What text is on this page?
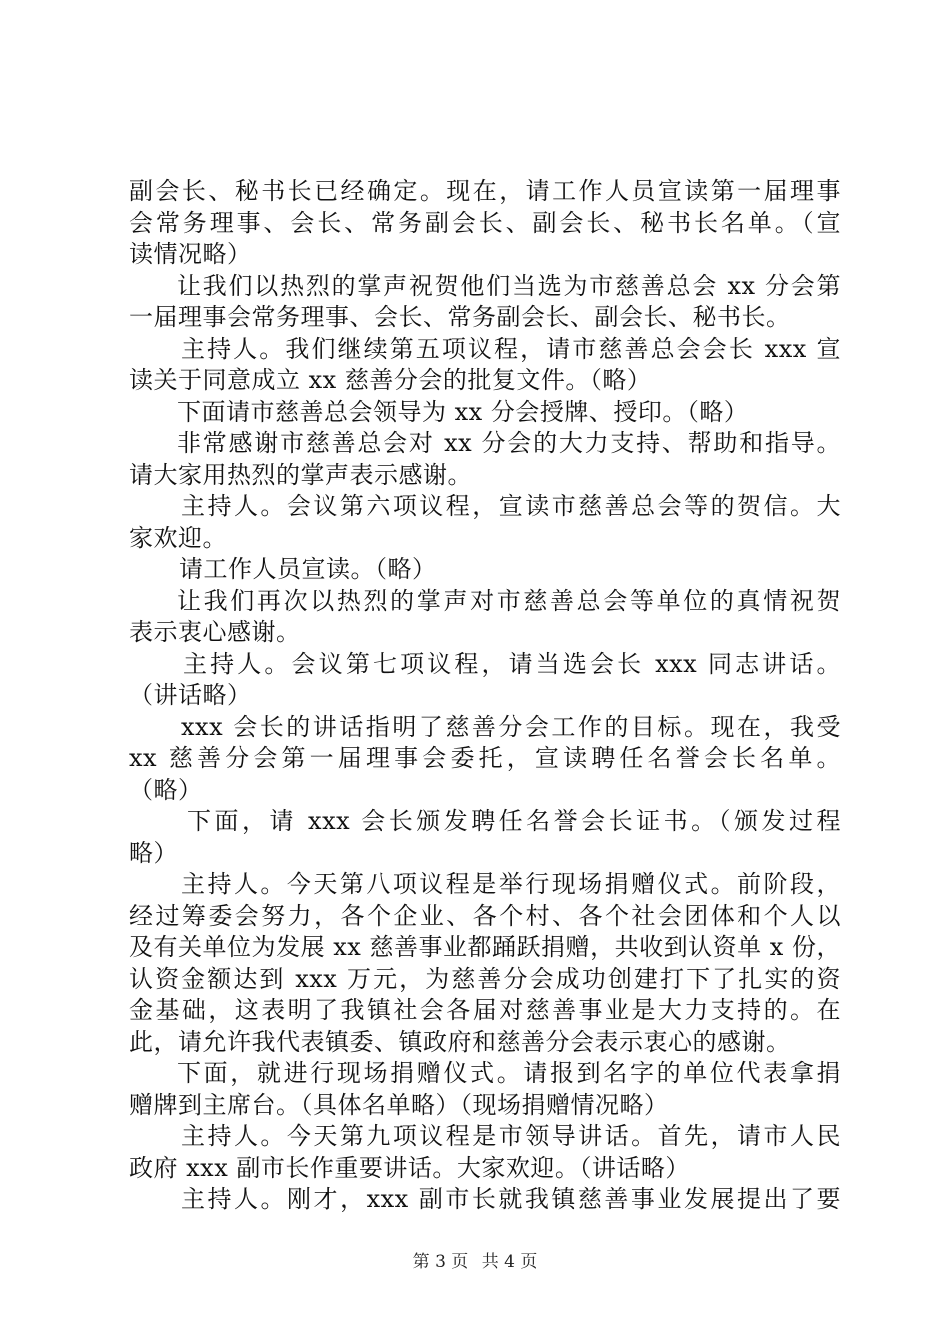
副会长、秘书长已经确定。现在，请工作人员宣读第一届理事
会常务理事、会长、常务副会长、副会长、秘书长名单。（宣
读情况略）
让我们以热烈的掌声祝贺他们当选为市慈善总会 xx 分会第
一届理事会常务理事、会长、常务副会长、副会长、秘书长。
主持人。我们继续第五项议程，请市慈善总会会长 xxx 宣
读关于同意成立 xx 慈善分会的批复文件。（略）
下面请市慈善总会领导为 xx 分会授牌、授印。（略）
非常感谢市慈善总会对 xx 分会的大力支持、帮助和指导。
请大家用热烈的掌声表示感谢。
主持人。会议第六项议程，宣读市慈善总会等的贺信。大
家欢迎。
请工作人员宣读。（略）
让我们再次以热烈的掌声对市慈善总会等单位的真情祝贺
表示衷心感谢。
主持人。会议第七项议程，请当选会长 xxx 同志讲话。
（讲话略）
xxx 会长的讲话指明了慈善分会工作的目标。现在，我受
xx 慈善分会第一届理事会委托，宣读聘任名誉会长名单。
（略）
下面，请 xxx 会长颁发聘任名誉会长证书。（颁发过程
略）
主持人。今天第八项议程是举行现场捐赠仪式。前阶段，
经过筹委会努力，各个企业、各个村、各个社会团体和个人以
及有关单位为发展 xx 慈善事业都踊跃捐赠，共收到认资单 x 份，
认资金额达到 xxx 万元，为慈善分会成功创建打下了扎实的资
金基础，这表明了我镇社会各届对慈善事业是大力支持的。在
此，请允许我代表镇委、镇政府和慈善分会表示衷心的感谢。
下面，就进行现场捐赠仪式。请报到名字的单位代表拿捐
赠牌到主席台。（具体名单略）（现场捐赠情况略）
主持人。今天第九项议程是市领导讲话。首先，请市人民
政府 xxx 副市长作重要讲话。大家欢迎。（讲话略）
主持人。刚才，xxx 副市长就我镇慈善事业发展提出了要
第 3 页 共 4 页
